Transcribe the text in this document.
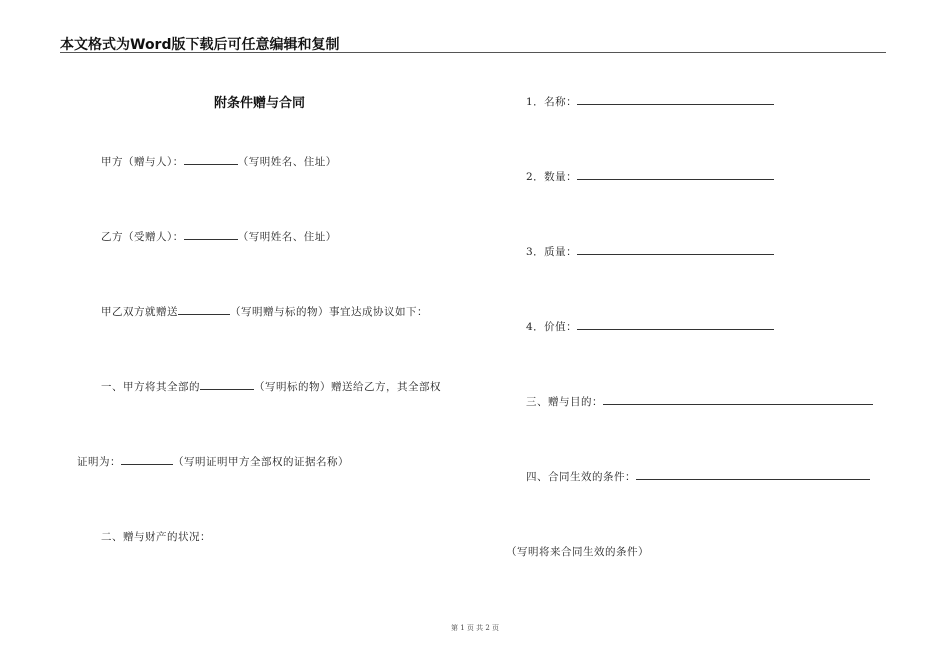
本文格式为Word版下载后可任意编辑和复制
附条件赠与合同
甲方（赠与人）：	（写明姓名、住址）
乙方（受赠人）：	（写明姓名、住址）
甲乙双方就赠送	（写明赠与标的物）事宜达成协议如下：
一、甲方将其全部的	（写明标的物）赠送给乙方，其全部权
证明为：	（写明证明甲方全部权的证据名称）
二、赠与财产的状况：
1．名称：
2．数量：
3．质量：
4．价值：
三、赠与目的：
四、合同生效的条件：
（写明将来合同生效的条件）
第 1 页 共 2 页
